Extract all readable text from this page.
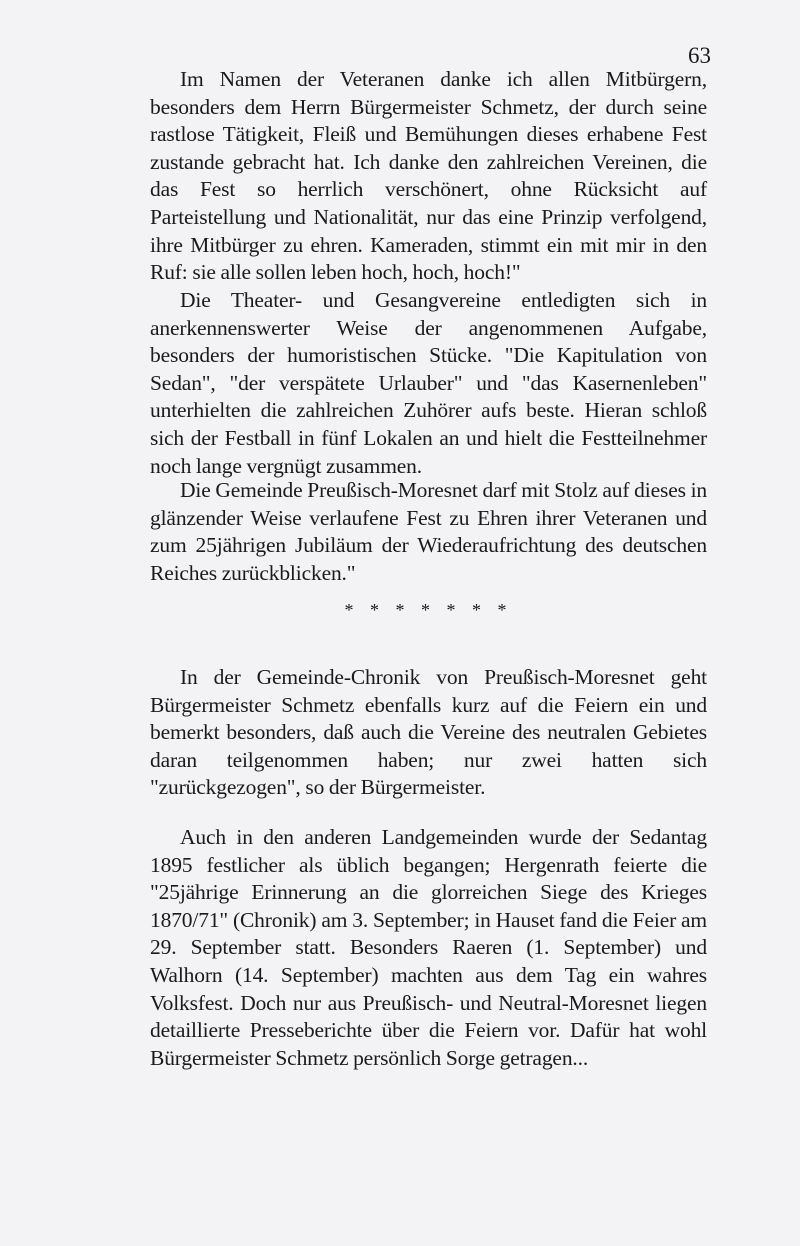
63

Im Namen der Veteranen danke ich allen Mitbürgern, besonders dem Herrn Bürgermeister Schmetz, der durch seine rastlose Tätigkeit, Fleiß und Bemühungen dieses erhabene Fest zustande gebracht hat. Ich danke den zahlreichen Vereinen, die das Fest so herrlich verschönert, ohne Rücksicht auf Parteistellung und Nationalität, nur das eine Prinzip verfolgend, ihre Mitbürger zu ehren. Kameraden, stimmt ein mit mir in den Ruf: sie alle sollen leben hoch, hoch, hoch!"

Die Theater- und Gesangvereine entledigten sich in anerkennenswerter Weise der angenommenen Aufgabe, besonders der humoristischen Stücke. "Die Kapitulation von Sedan", "der verspätete Urlauber" und "das Kasernenleben" unterhielten die zahlreichen Zuhörer aufs beste. Hieran schloß sich der Festball in fünf Lokalen an und hielt die Festteilnehmer noch lange vergnügt zusammen.

Die Gemeinde Preußisch-Moresnet darf mit Stolz auf dieses in glänzender Weise verlaufene Fest zu Ehren ihrer Veteranen und zum 25jährigen Jubiläum der Wiederaufrichtung des deutschen Reiches zurückblicken."

* * * * * * *

In der Gemeinde-Chronik von Preußisch-Moresnet geht Bürgermeister Schmetz ebenfalls kurz auf die Feiern ein und bemerkt besonders, daß auch die Vereine des neutralen Gebietes daran teilgenommen haben; nur zwei hatten sich "zurückgezogen", so der Bürgermeister.

Auch in den anderen Landgemeinden wurde der Sedantag 1895 festlicher als üblich begangen; Hergenrath feierte die "25jährige Erinnerung an die glorreichen Siege des Krieges 1870/71" (Chronik) am 3. September; in Hauset fand die Feier am 29. September statt. Besonders Raeren (1. September) und Walhorn (14. September) machten aus dem Tag ein wahres Volksfest. Doch nur aus Preußisch- und Neutral-Moresnet liegen detaillierte Presseberichte über die Feiern vor. Dafür hat wohl Bürgermeister Schmetz persönlich Sorge getragen...
